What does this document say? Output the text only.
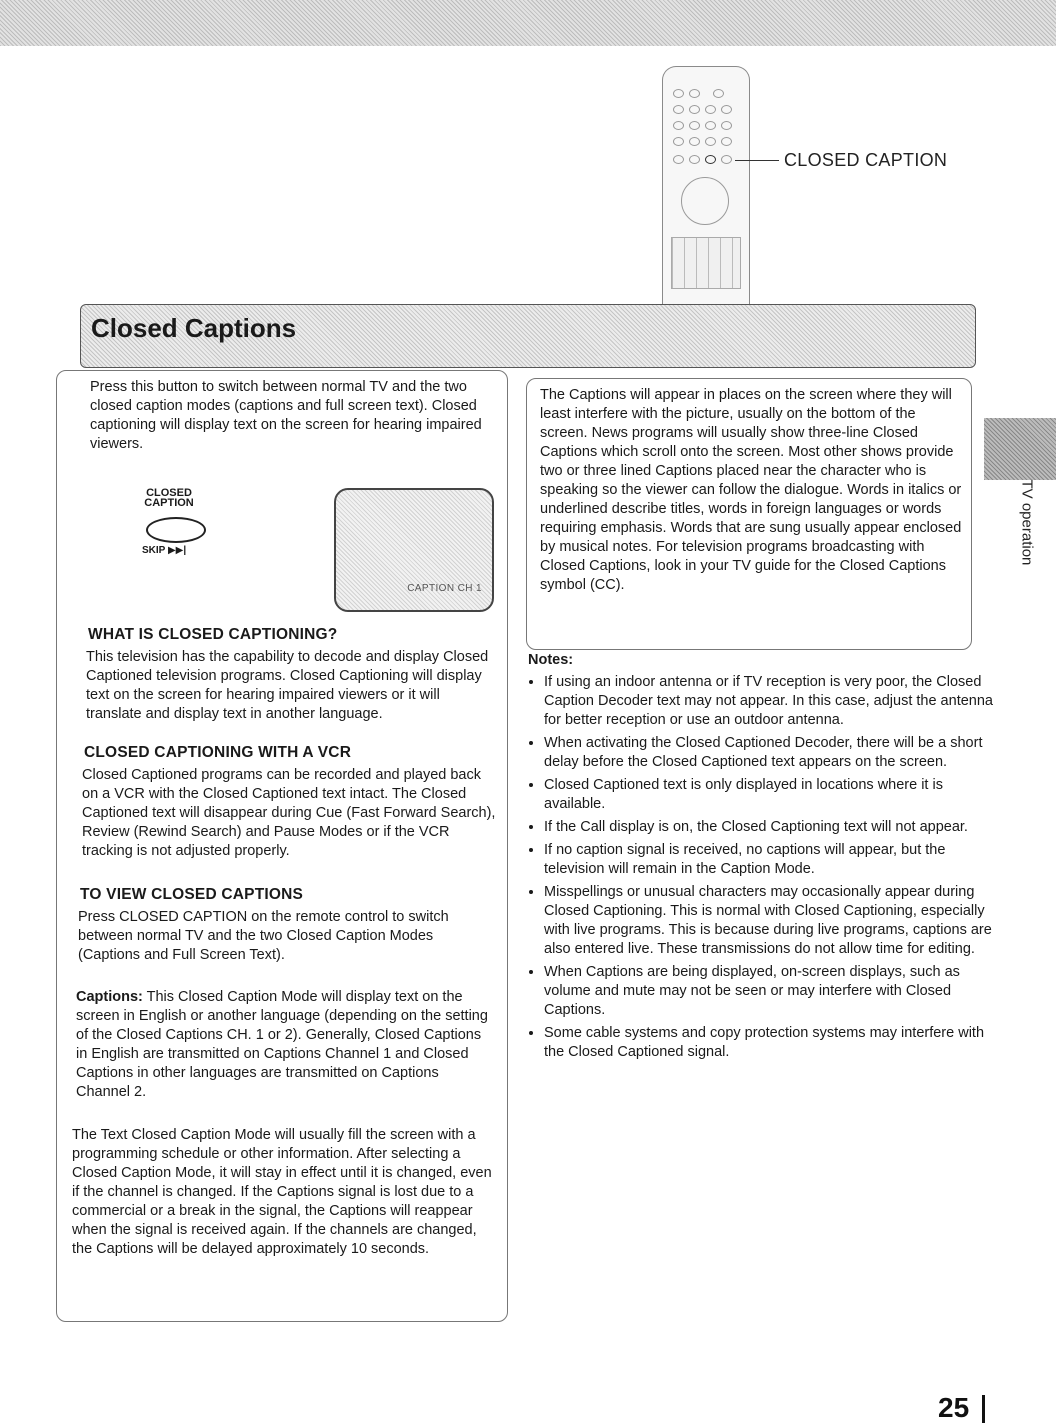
CLOSED CAPTION
Closed Captions

Press this button to switch between normal TV and the two closed caption modes (captions and full screen text). Closed captioning will display text on the screen for hearing impaired viewers.

CLOSED
CAPTION
SKIP ▶▶|
CAPTION CH 1
WHAT IS CLOSED CAPTIONING?

This television has the capability to decode and display Closed Captioned television programs. Closed Captioning will display text on the screen for hearing impaired viewers or it will translate and display text in another language.

CLOSED CAPTIONING WITH A VCR

Closed Captioned programs can be recorded and played back on a VCR with the Closed Captioned text intact. The Closed Captioned text will disappear during Cue (Fast Forward Search), Review (Rewind Search) and Pause Modes or if the VCR tracking is not adjusted properly.

TO VIEW CLOSED CAPTIONS

Press CLOSED CAPTION on the remote control to switch between normal TV and the two Closed Caption Modes (Captions and Full Screen Text).

Captions: This Closed Caption Mode will display text on the screen in English or another language (depending on the setting of the Closed Captions CH. 1 or 2). Generally, Closed Captions in English are transmitted on Captions Channel 1 and Closed Captions in other languages are transmitted on Captions Channel 2.

The Text Closed Caption Mode will usually fill the screen with a programming schedule or other information. After selecting a Closed Caption Mode, it will stay in effect until it is changed, even if the channel is changed. If the Captions signal is lost due to a commercial or a break in the signal, the Captions will reappear when the signal is received again. If the channels are changed, the Captions will be delayed approximately 10 seconds.

The Captions will appear in places on the screen where they will least interfere with the picture, usually on the bottom of the screen. News programs will usually show three-line Closed Captions which scroll onto the screen. Most other shows provide two or three lined Captions placed near the character who is speaking so the viewer can follow the dialogue. Words in italics or underlined describe titles, words in foreign languages or words requiring emphasis. Words that are sung usually appear enclosed by musical notes. For television programs broadcasting with Closed Captions, look in your TV guide for the Closed Captions symbol (CC).

Notes:
• If using an indoor antenna or if TV reception is very poor, the Closed Caption Decoder text may not appear. In this case, adjust the antenna for better reception or use an outdoor antenna.
• When activating the Closed Captioned Decoder, there will be a short delay before the Closed Captioned text appears on the screen.
• Closed Captioned text is only displayed in locations where it is available.
• If the Call display is on, the Closed Captioning text will not appear.
• If no caption signal is received, no captions will appear, but the television will remain in the Caption Mode.
• Misspellings or unusual characters may occasionally appear during Closed Captioning. This is normal with Closed Captioning, especially with live programs. This is because during live programs, captions are also entered live. These transmissions do not allow time for editing.
• When Captions are being displayed, on-screen displays, such as volume and mute may not be seen or may interfere with Closed Captions.
• Some cable systems and copy protection systems may interfere with the Closed Captioned signal.
TV operation
25
